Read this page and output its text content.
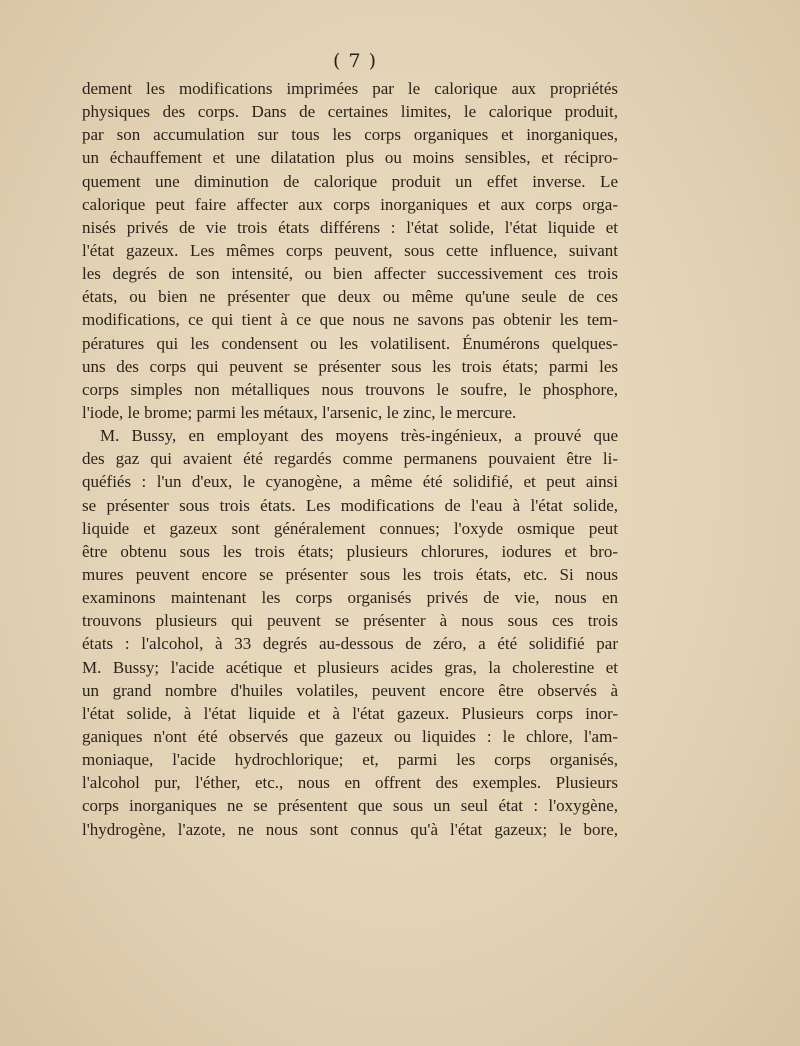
( 7 )
dement les modifications imprimées par le calorique aux propriétés
physiques des corps. Dans de certaines limites, le calorique produit,
par son accumulation sur tous les corps organiques et inorganiques,
un échauffement et une dilatation plus ou moins sensibles, et récipro-
quement une diminution de calorique produit un effet inverse. Le
calorique peut faire affecter aux corps inorganiques et aux corps orga-
nisés privés de vie trois états différens : l'état solide, l'état liquide et
l'état gazeux. Les mêmes corps peuvent, sous cette influence, suivant
les degrés de son intensité, ou bien affecter successivement ces trois
états, ou bien ne présenter que deux ou même qu'une seule de ces
modifications, ce qui tient à ce que nous ne savons pas obtenir les tem-
pératures qui les condensent ou les volatilisent. Énumérons quelques-
uns des corps qui peuvent se présenter sous les trois états; parmi les
corps simples non métalliques nous trouvons le soufre, le phosphore,
l'iode, le brome; parmi les métaux, l'arsenic, le zinc, le mercure.
M. Bussy, en employant des moyens très-ingénieux, a prouvé que
des gaz qui avaient été regardés comme permanens pouvaient être li-
quéfiés : l'un d'eux, le cyanogène, a même été solidifié, et peut ainsi
se présenter sous trois états. Les modifications de l'eau à l'état solide,
liquide et gazeux sont généralement connues; l'oxyde osmique peut
être obtenu sous les trois états; plusieurs chlorures, iodures et bro-
mures peuvent encore se présenter sous les trois états, etc. Si nous
examinons maintenant les corps organisés privés de vie, nous en
trouvons plusieurs qui peuvent se présenter à nous sous ces trois
états : l'alcohol, à 33 degrés au-dessous de zéro, a été solidifié par
M. Bussy; l'acide acétique et plusieurs acides gras, la cholerestine et
un grand nombre d'huiles volatiles, peuvent encore être observés à
l'état solide, à l'état liquide et à l'état gazeux. Plusieurs corps inor-
ganiques n'ont été observés que gazeux ou liquides : le chlore, l'am-
moniaque, l'acide hydrochlorique; et, parmi les corps organisés,
l'alcohol pur, l'éther, etc., nous en offrent des exemples. Plusieurs
corps inorganiques ne se présentent que sous un seul état : l'oxygène,
l'hydrogène, l'azote, ne nous sont connus qu'à l'état gazeux; le bore,
